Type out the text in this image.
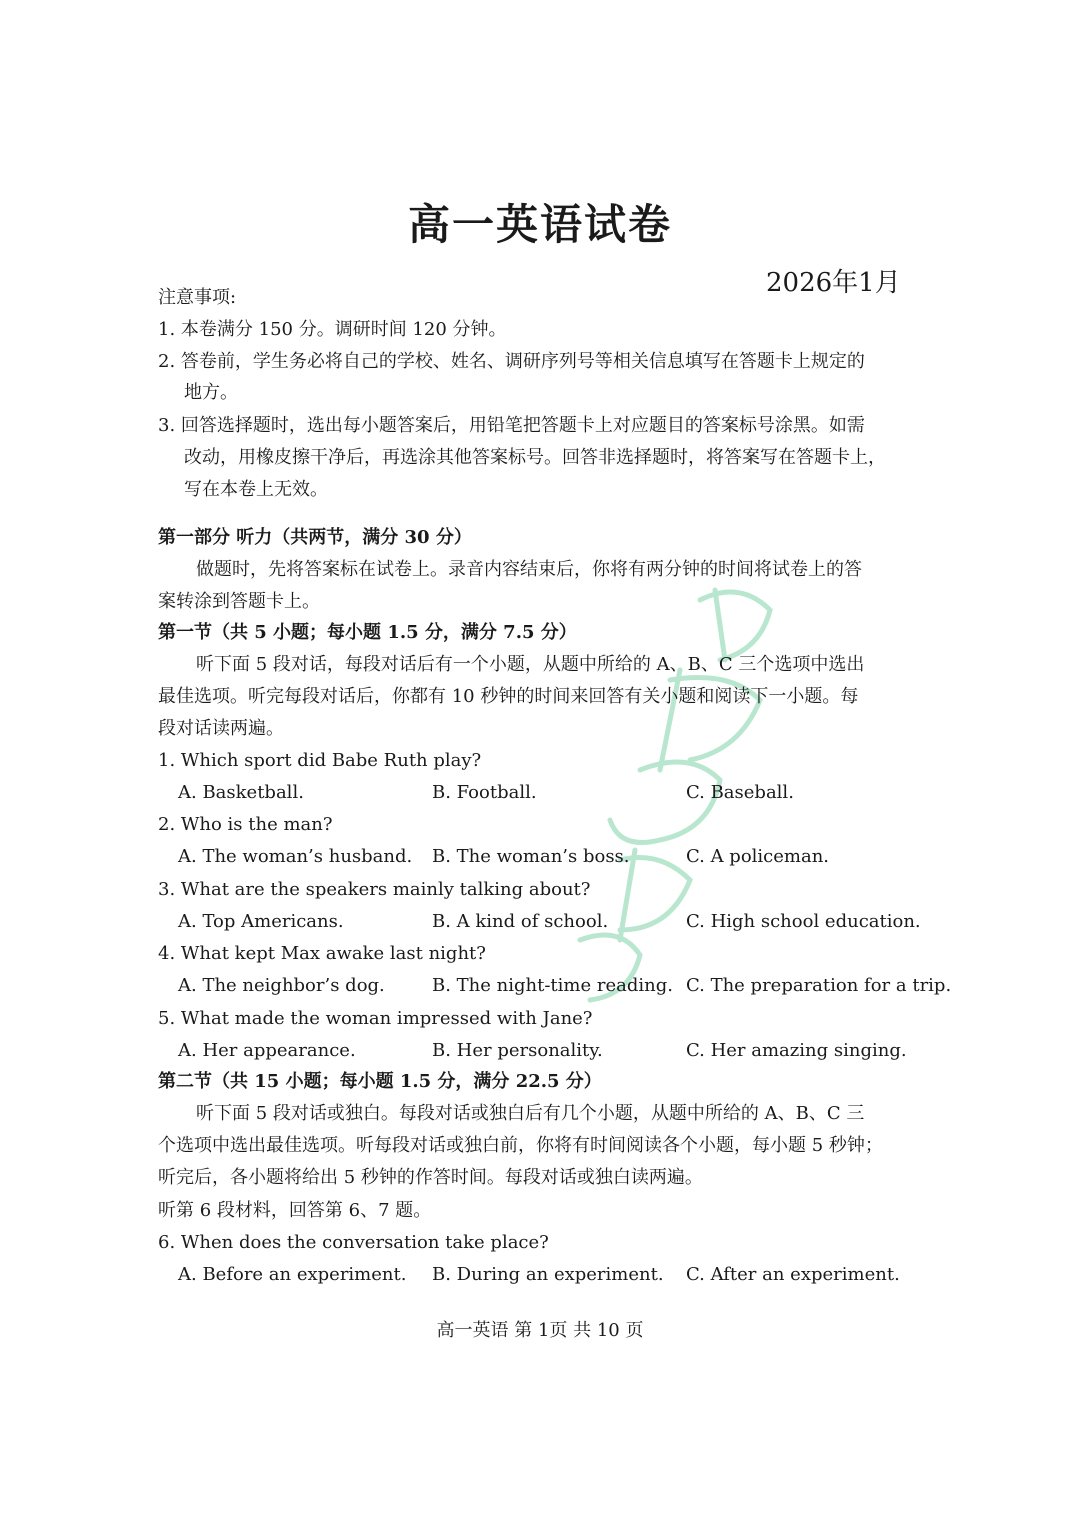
高一英语试卷
2026年1月
注意事项:
1. 本卷满分 150 分。调研时间 120 分钟。
2. 答卷前，学生务必将自己的学校、姓名、调研序列号等相关信息填写在答题卡上规定的
地方。
3. 回答选择题时，选出每小题答案后，用铅笔把答题卡上对应题目的答案标号涂黑。如需
改动，用橡皮擦干净后，再选涂其他答案标号。回答非选择题时，将答案写在答题卡上，
写在本卷上无效。
第一部分 听力（共两节，满分 30 分）
做题时，先将答案标在试卷上。录音内容结束后，你将有两分钟的时间将试卷上的答
案转涂到答题卡上。
第一节（共 5 小题；每小题 1.5 分，满分 7.5 分）
听下面 5 段对话，每段对话后有一个小题，从题中所给的 A、B、C 三个选项中选出
最佳选项。听完每段对话后，你都有 10 秒钟的时间来回答有关小题和阅读下一小题。每
段对话读两遍。
1. Which sport did Babe Ruth play?
A. Basketball.	B. Football.	C. Baseball.
2. Who is the man?
A. The woman’s husband. B. The woman’s boss.	C. A policeman.
3. What are the speakers mainly talking about?
A. Top Americans.	B. A kind of school.	C. High school education.
4. What kept Max awake last night?
A. The neighbor’s dog.	B. The night-time reading. C. The preparation for a trip.
5. What made the woman impressed with Jane?
A. Her appearance.	B. Her personality.	C. Her amazing singing.
第二节（共 15 小题；每小题 1.5 分，满分 22.5 分）
听下面 5 段对话或独白。每段对话或独白后有几个小题，从题中所给的 A、B、C 三
个选项中选出最佳选项。听每段对话或独白前，你将有时间阅读各个小题，每小题 5 秒钟；
听完后，各小题将给出 5 秒钟的作答时间。每段对话或独白读两遍。
听第 6 段材料，回答第 6、7 题。
6. When does the conversation take place?
A. Before an experiment. B. During an experiment. C. After an experiment.
高一英语 第 1页 共 10 页
